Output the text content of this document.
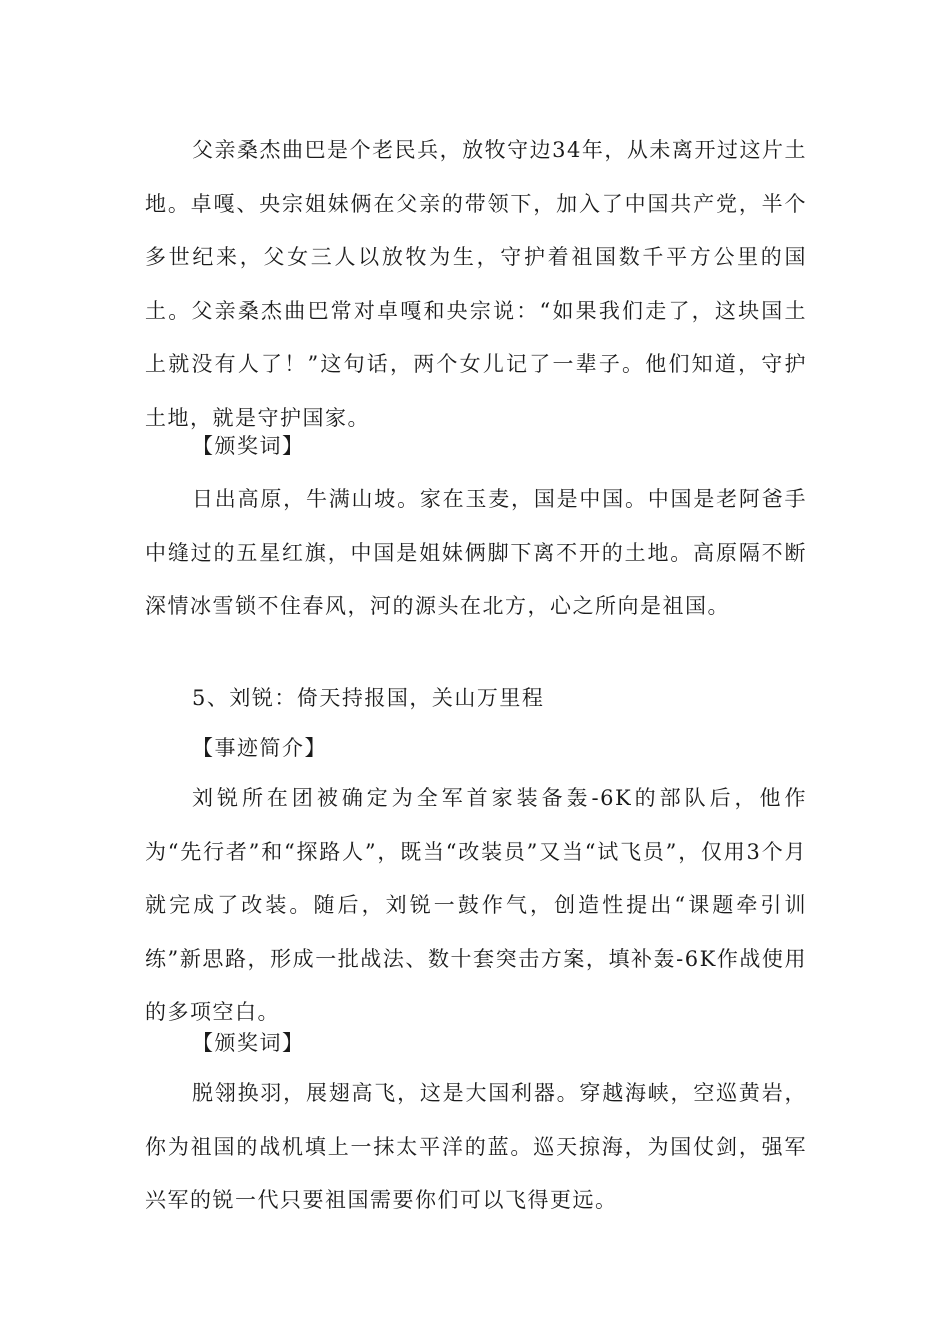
父亲桑杰曲巴是个老民兵，放牧守边34年，从未离开过这片土地。卓嘎、央宗姐妹俩在父亲的带领下，加入了中国共产党，半个多世纪来，父女三人以放牧为生，守护着祖国数千平方公里的国土。父亲桑杰曲巴常对卓嘎和央宗说：“如果我们走了，这块国土上就没有人了！”这句话，两个女儿记了一辈子。他们知道，守护土地，就是守护国家。

【颁奖词】

日出高原，牛满山坡。家在玉麦，国是中国。中国是老阿爸手中缝过的五星红旗，中国是姐妹俩脚下离不开的土地。高原隔不断深情冰雪锁不住春风，河的源头在北方，心之所向是祖国。

5、刘锐：倚天持报国，关山万里程

【事迹简介】

刘锐所在团被确定为全军首家装备轰-6K的部队后，他作为“先行者”和“探路人”，既当“改装员”又当“试飞员”，仅用3个月就完成了改装。随后，刘锐一鼓作气，创造性提出“课题牵引训练”新思路，形成一批战法、数十套突击方案，填补轰-6K作战使用的多项空白。

【颁奖词】

脱翎换羽，展翅高飞，这是大国利器。穿越海峡，空巡黄岩，你为祖国的战机填上一抹太平洋的蓝。巡天掠海，为国仗剑，强军兴军的锐一代只要祖国需要你们可以飞得更远。
